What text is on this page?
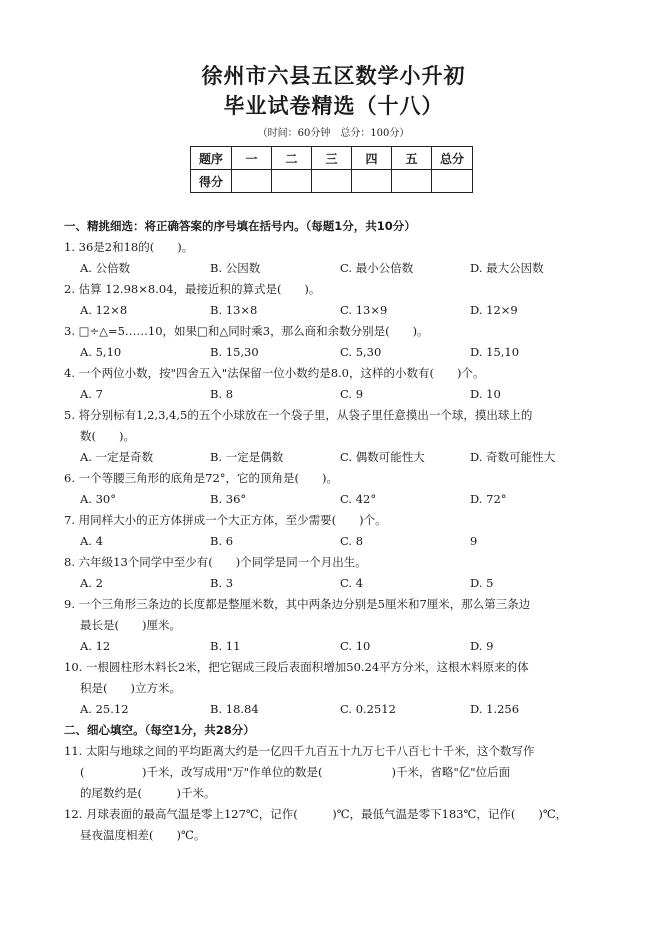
徐州市六县五区数学小升初
毕业试卷精选（十八）
（时间：60分钟　总分：100分）
题序	一	二	三	四	五	总分
得分						
一、精挑细选：将正确答案的序号填在括号内。（每题1分，共10分）
1. 36是2和18的(　　)。
A. 公倍数	B. 公因数	C. 最小公倍数	D. 最大公因数
2. 估算 12.98×8.04，最接近积的算式是(　　)。
A. 12×8	B. 13×8	C. 13×9	D. 12×9
3. □÷△=5……10，如果□和△同时乘3，那么商和余数分别是(　　)。
A. 5,10	B. 15,30	C. 5,30	D. 15,10
4. 一个两位小数，按"四舍五入"法保留一位小数约是8.0，这样的小数有(　　)个。
A. 7	B. 8	C. 9	D. 10
5. 将分别标有1,2,3,4,5的五个小球放在一个袋子里，从袋子里任意摸出一个球，摸出球上的
数(　　)。
A. 一定是奇数	B. 一定是偶数	C. 偶数可能性大	D. 奇数可能性大
6. 一个等腰三角形的底角是72°，它的顶角是(　　)。
A. 30°	B. 36°	C. 42°	D. 72°
7. 用同样大小的正方体拼成一个大正方体，至少需要(　　)个。
A. 4	B. 6	C. 8	9
8. 六年级13个同学中至少有(　　)个同学是同一个月出生。
A. 2	B. 3	C. 4	D. 5
9. 一个三角形三条边的长度都是整厘米数，其中两条边分别是5厘米和7厘米，那么第三条边
最长是(　　)厘米。
A. 12	B. 11	C. 10	D. 9
10. 一根圆柱形木料长2米，把它锯成三段后表面积增加50.24平方分米，这根木料原来的体
积是(　　)立方米。
A. 25.12	B. 18.84	C. 0.2512	D. 1.256
二、细心填空。（每空1分，共28分）
11. 太阳与地球之间的平均距离大约是一亿四千九百五十九万七千八百七十千米，这个数写作
(　　　　　)千米，改写成用"万"作单位的数是(　　　　　　)千米，省略"亿"位后面
的尾数约是(　　　)千米。
12. 月球表面的最高气温是零上127℃，记作(　　　)℃，最低气温是零下183℃，记作(　　)℃，
昼夜温度相差(　　)℃。
